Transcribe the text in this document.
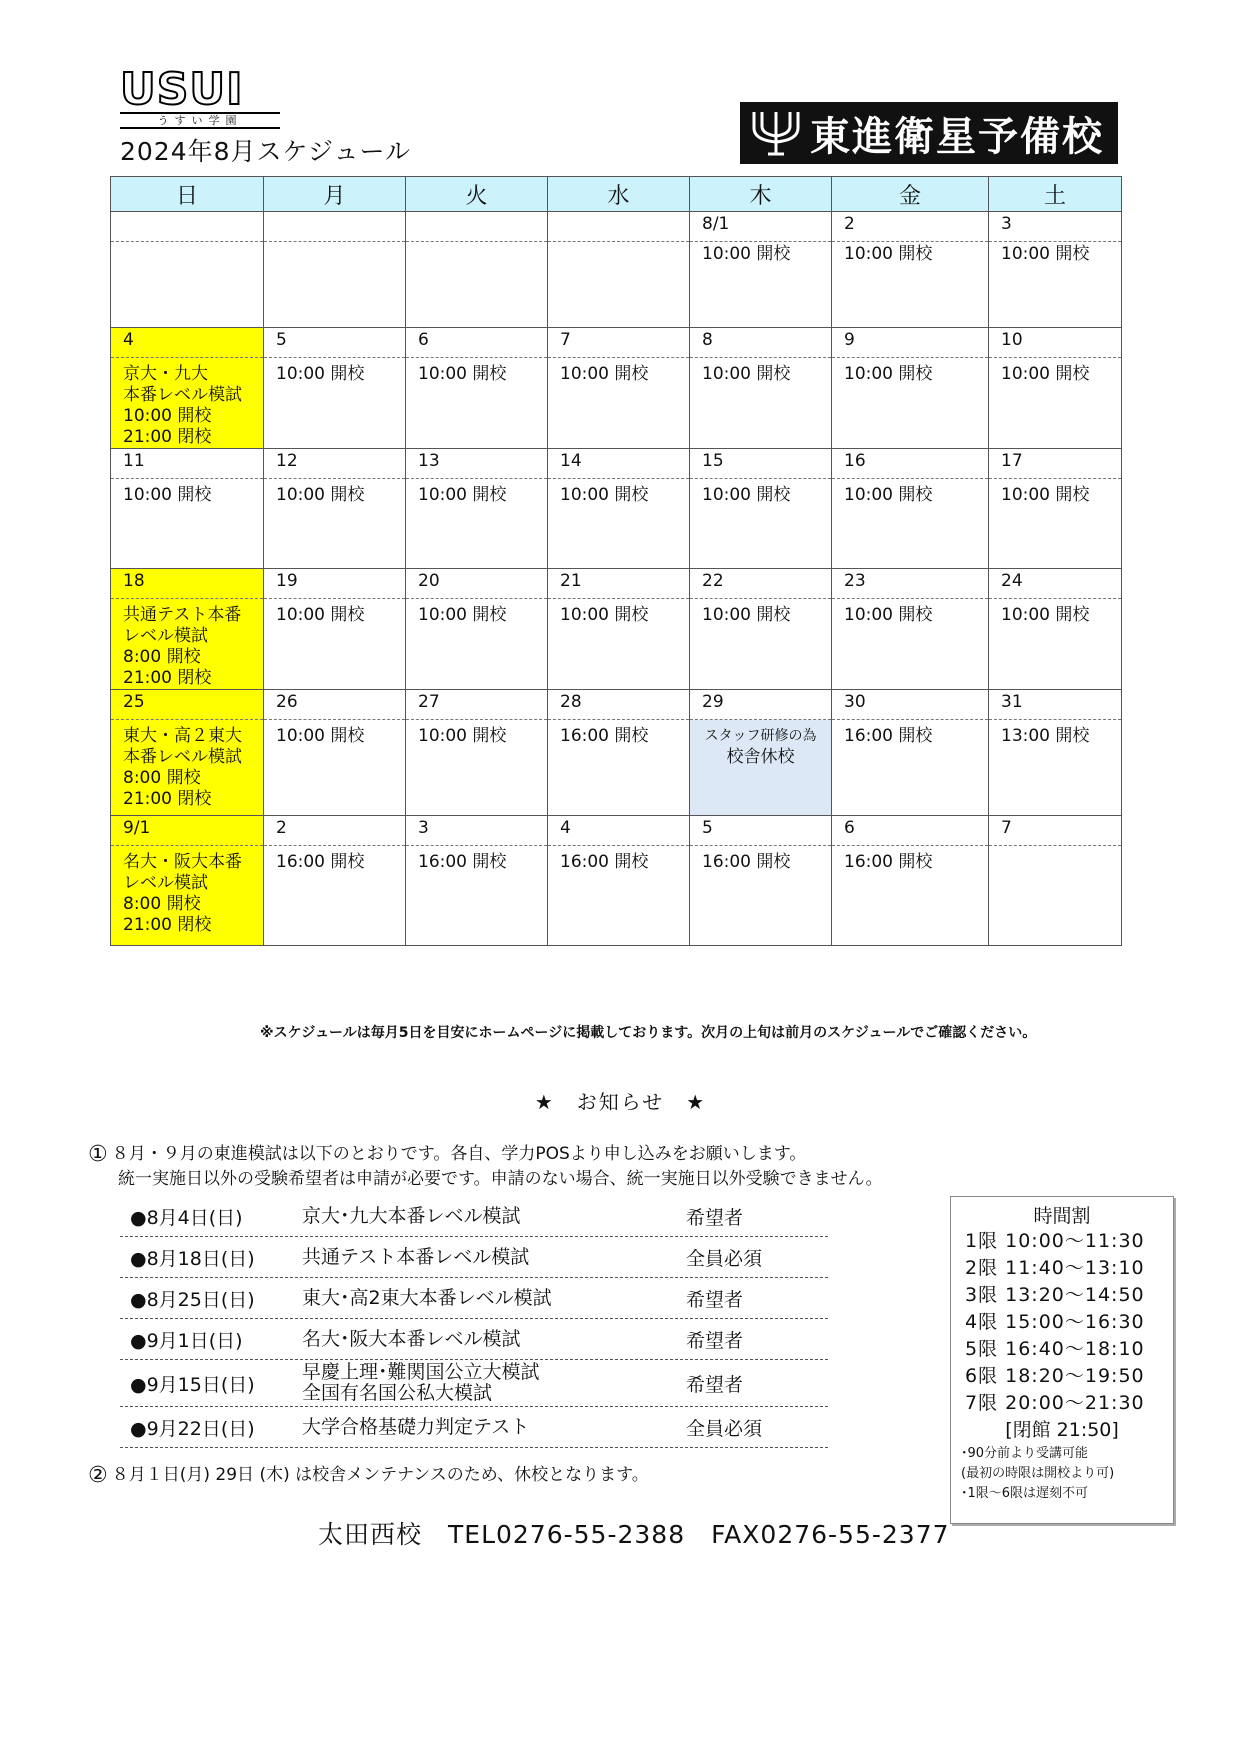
USUI
うすい学園
2024年8月スケジュール	東進衛星予備校
日	月	火	水	木	金	土
				8/1	2	3

				10:00 開校	10:00 開校	10:00 開校

4	5	6	7	8	9	10

京大・九大
本番レベル模試
10:00 開校
21:00 閉校	10:00 開校	10:00 開校	10:00 開校	10:00 開校	10:00 開校	10:00 開校

11	12	13	14	15	16	17

10:00 開校	10:00 開校	10:00 開校	10:00 開校	10:00 開校	10:00 開校	10:00 開校

18	19	20	21	22	23	24

共通テスト本番
レベル模試
8:00 開校
21:00 閉校	10:00 開校	10:00 開校	10:00 開校	10:00 開校	10:00 開校	10:00 開校

25	26	27	28	29	30	31

東大・高２東大
本番レベル模試
8:00 開校
21:00 閉校	10:00 開校	10:00 開校	16:00 開校	スタッフ研修の為
校舎休校	16:00 開校	13:00 開校

9/1	2	3	4	5	6	7

名大・阪大本番
レベル模試
8:00 開校
21:00 閉校	16:00 開校	16:00 開校	16:00 開校	16:00 開校	16:00 開校	

※スケジュールは毎月5日を目安にホームページに掲載しております。次月の上旬は前月のスケジュールでご確認ください。
★　お知らせ　★
① ８月・９月の東進模試は以下のとおりです。各自、学力POSより申し込みをお願いします。
統一実施日以外の受験希望者は申請が必要です。申請のない場合、統一実施日以外受験できません。
●8月4日(日)	京大･九大本番レベル模試	希望者
●8月18日(日)	共通テスト本番レベル模試	全員必須
●8月25日(日)	東大･高2東大本番レベル模試	希望者
●9月1日(日)	名大･阪大本番レベル模試	希望者
●9月15日(日)
早慶上理･難関国公立大模試
全国有名国公私大模試	希望者
●9月22日(日)	大学合格基礎力判定テスト	全員必須
時間割
1限 10:00～11:30
2限 11:40～13:10
3限 13:20～14:50
4限 15:00～16:30
5限 16:40～18:10
6限 18:20～19:50
7限 20:00～21:30
[閉館 21:50]
･90分前より受講可能
(最初の時限は開校より可)
･1限～6限は遅刻不可
② ８月１日(月) 29日 (木) は校舎メンテナンスのため、休校となります。
太田西校　TEL0276-55-2388　FAX0276-55-2377
